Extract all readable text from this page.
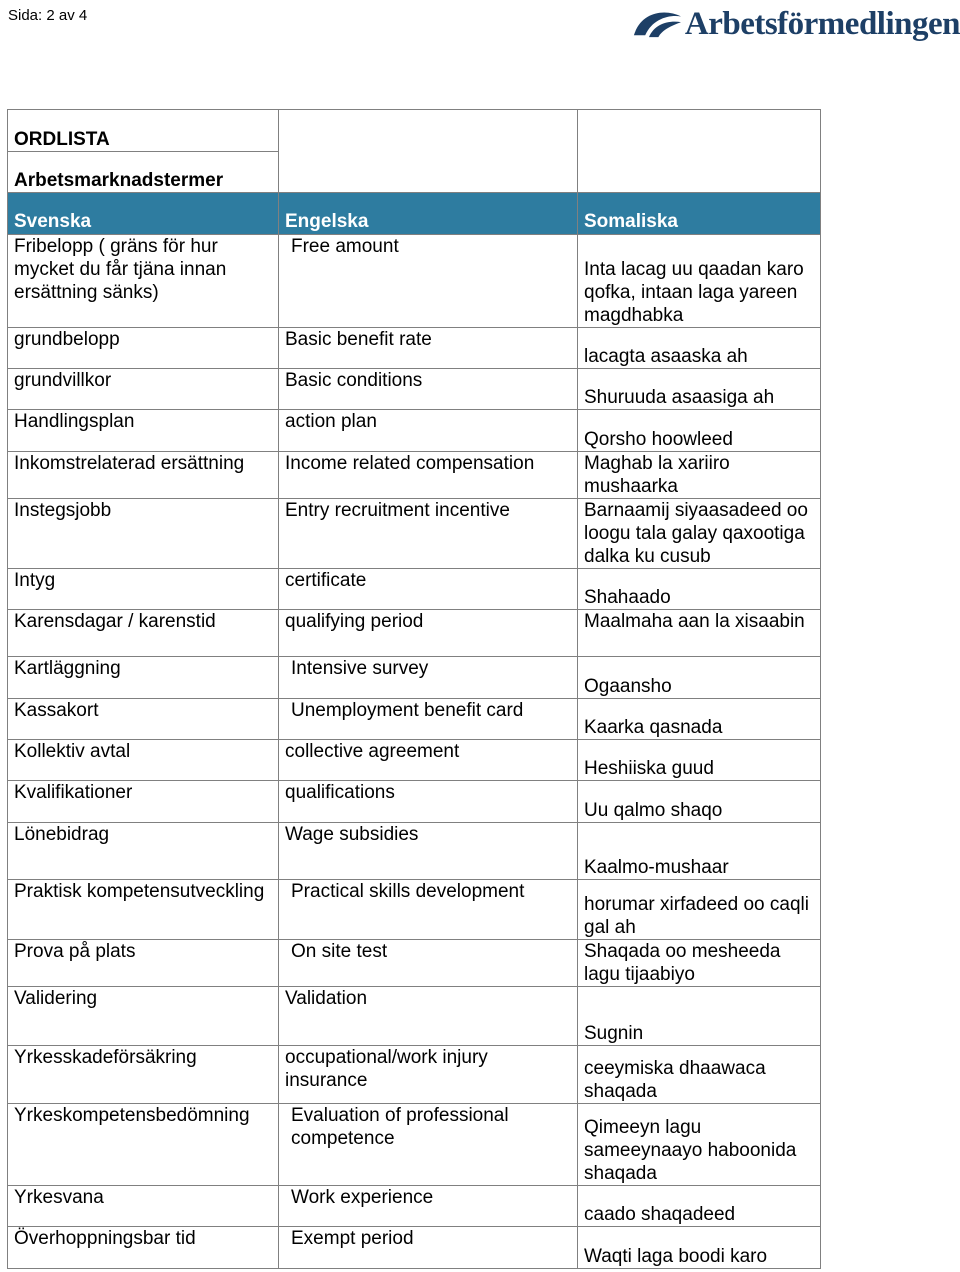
Sida: 2 av 4	Arbetsförmedlingen
ORDLISTA		
Arbetsmarknadstermer		
Svenska	Engelska	Somaliska
Fribelopp ( gräns för hur mycket du får tjäna innan ersättning sänks)	Free amount	Inta lacag uu qaadan karo qofka, intaan laga yareen magdhabka
grundbelopp	Basic benefit rate	lacagta asaaska ah
grundvillkor	Basic conditions	Shuruuda asaasiga ah
Handlingsplan	action plan	Qorsho hoowleed
Inkomstrelaterad ersättning	Income related compensation	Maghab la xariiro mushaarka
Instegsjobb	Entry recruitment incentive	Barnaamij siyaasadeed oo loogu tala galay qaxootiga dalka ku cusub
Intyg	certificate	Shahaado
Karensdagar / karenstid	qualifying period	Maalmaha aan la xisaabin
Kartläggning	Intensive survey	Ogaansho
Kassakort	Unemployment benefit card	Kaarka qasnada
Kollektiv avtal	collective agreement	Heshiiska guud
Kvalifikationer	qualifications	Uu qalmo shaqo
Lönebidrag	Wage subsidies	Kaalmo-mushaar
Praktisk kompetensutveckling	Practical skills development	horumar xirfadeed oo caqli gal ah
Prova på plats	On site test	Shaqada oo mesheeda lagu tijaabiyo
Validering	Validation	Sugnin
Yrkesskadeförsäkring	occupational/work injury insurance	ceeymiska dhaawaca shaqada
Yrkeskompetensbedömning	Evaluation of professional competence	Qimeeyn lagu sameeynaayo haboonida shaqada
Yrkesvana	Work experience	caado shaqadeed
Överhoppningsbar tid	Exempt period	Waqti laga boodi karo
